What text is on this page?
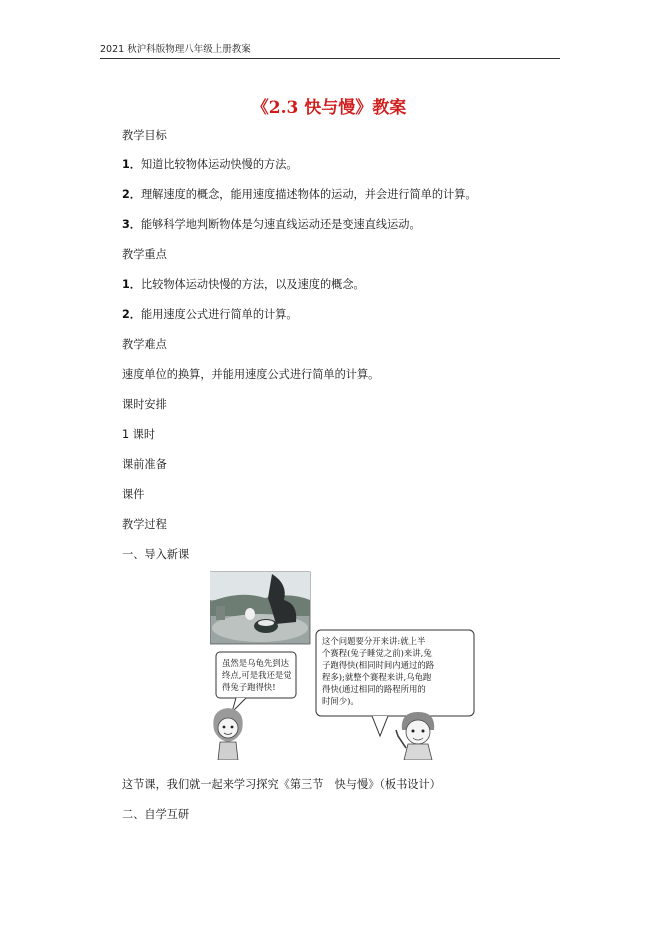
2021 秋沪科版物理八年级上册教案
《2.3 快与慢》教案
教学目标
1．知道比较物体运动快慢的方法。
2．理解速度的概念，能用速度描述物体的运动，并会进行简单的计算。
3．能够科学地判断物体是匀速直线运动还是变速直线运动。
教学重点
1．比较物体运动快慢的方法，以及速度的概念。
2．能用速度公式进行简单的计算。
教学难点
速度单位的换算，并能用速度公式进行简单的计算。
课时安排
1 课时
课前准备
课件
教学过程
一、导入新课
虽然是乌龟先到达
终点,可是我还是觉
得兔子跑得快!
这个问题要分开来讲:就上半
个赛程(兔子睡觉之前)来讲,兔
子跑得快(相同时间内通过的路
程多);就整个赛程来讲,乌龟跑
得快(通过相同的路程所用的
时间少)。
这节课，我们就一起来学习探究《第三节　快与慢》（板书设计）
二、自学互研
